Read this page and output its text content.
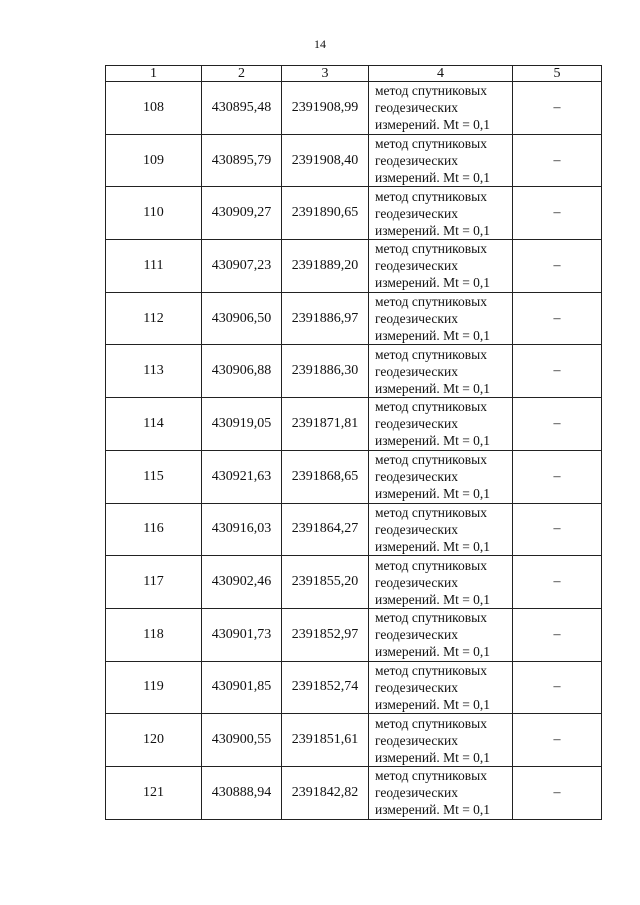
14
1	2	3	4	5
108	430895,48	2391908,99	метод спутниковых
геодезических
измерений. Mt = 0,1	–
109	430895,79	2391908,40	метод спутниковых
геодезических
измерений. Mt = 0,1	–
110	430909,27	2391890,65	метод спутниковых
геодезических
измерений. Mt = 0,1	–
111	430907,23	2391889,20	метод спутниковых
геодезических
измерений. Mt = 0,1	–
112	430906,50	2391886,97	метод спутниковых
геодезических
измерений. Mt = 0,1	–
113	430906,88	2391886,30	метод спутниковых
геодезических
измерений. Mt = 0,1	–
114	430919,05	2391871,81	метод спутниковых
геодезических
измерений. Mt = 0,1	–
115	430921,63	2391868,65	метод спутниковых
геодезических
измерений. Mt = 0,1	–
116	430916,03	2391864,27	метод спутниковых
геодезических
измерений. Mt = 0,1	–
117	430902,46	2391855,20	метод спутниковых
геодезических
измерений. Mt = 0,1	–
118	430901,73	2391852,97	метод спутниковых
геодезических
измерений. Mt = 0,1	–
119	430901,85	2391852,74	метод спутниковых
геодезических
измерений. Mt = 0,1	–
120	430900,55	2391851,61	метод спутниковых
геодезических
измерений. Mt = 0,1	–
121	430888,94	2391842,82	метод спутниковых
геодезических
измерений. Mt = 0,1	–
